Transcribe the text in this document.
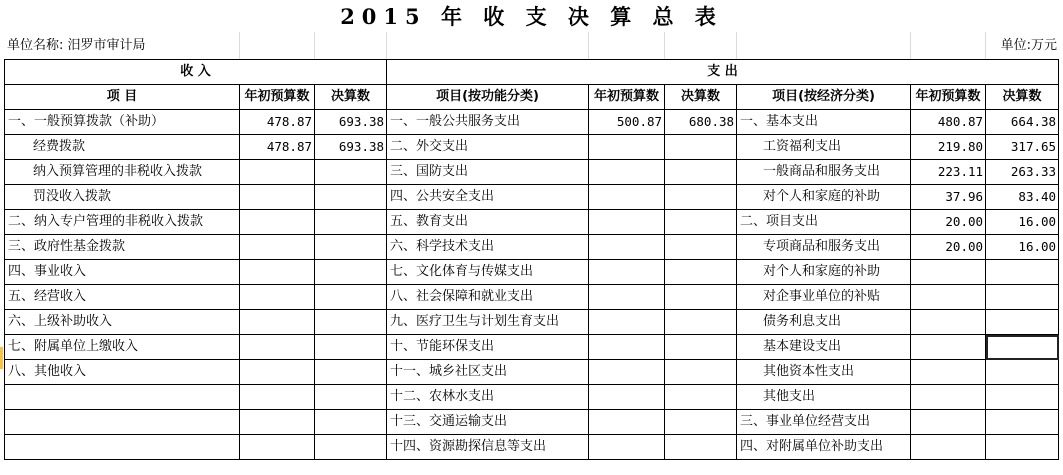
2015 年 收 支 决 算 总 表
单位名称: 汨罗市审计局	单位:万元
收 入			支 出					
项 目	年初预算数	决算数	项目(按功能分类)	年初预算数	决算数	项目(按经济分类)	年初预算数	决算数
一、一般预算拨款（补助）	478.87	693.38	一、一般公共服务支出	500.87	680.38	一、基本支出	480.87	664.38
经费拨款	478.87	693.38	二、外交支出			工资福利支出	219.80	317.65
纳入预算管理的非税收入拨款			三、国防支出			一般商品和服务支出	223.11	263.33
罚没收入拨款			四、公共安全支出			对个人和家庭的补助	37.96	83.40
二、纳入专户管理的非税收入拨款			五、教育支出			二、项目支出	20.00	16.00
三、政府性基金拨款			六、科学技术支出			专项商品和服务支出	20.00	16.00
四、事业收入			七、文化体育与传媒支出			对个人和家庭的补助		
五、经营收入			八、社会保障和就业支出			对企事业单位的补贴		
六、上级补助收入			九、医疗卫生与计划生育支出			债务利息支出		
七、附属单位上缴收入			十、节能环保支出			基本建设支出		
八、其他收入			十一、城乡社区支出			其他资本性支出		
			十二、农林水支出			其他支出		
			十三、交通运输支出			三、事业单位经营支出		
			十四、资源勘探信息等支出			四、对附属单位补助支出		
